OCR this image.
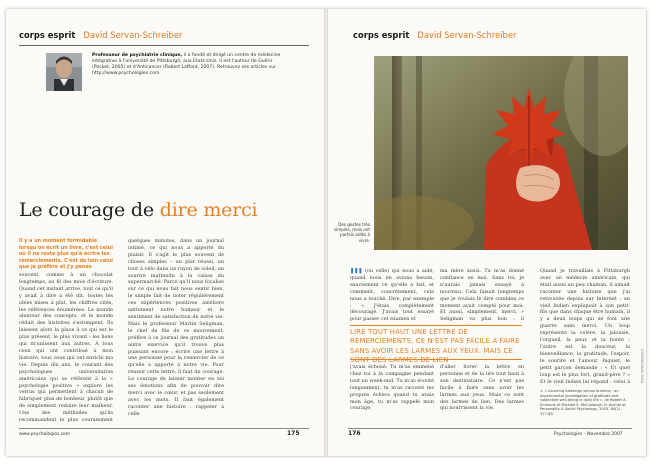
corps esprit David Servan-Schreiber
Professeur de psychiatrie clinique, il a fondé et dirigé un centre de médecine intégrative à l'université de Pittsburgh, aux Etats-Unis. Il est l'auteur de Guérir (Pocket, 2005) et d'Anticancer (Robert Laffont, 2007). Retrouvez ses articles sur http://www.psychologies.com
Le courage de dire merci
Il y a un moment formidable lorsqu'on écrit un livre, c'est celui où il ne reste plus qu'à écrire les remerciements. C'est de loin celui que je préfère et j'y pense

souvent, comme à un chocolat longtemps, au fil des mois d'écriture. Quand cet instant arrive, tout ce qu'il y avait à dire a été dit, toutes les idées mises à plat, les chiffres cités, les références énumérées. Le monde alentour des concepts, et le monde réduit des histoires s'estompent. Ils laissent alors la place à ce qui est le plus présent, le plus vivant : les liens qui m'unissent aux autres. A tous ceux qui ont contribué à mon histoire, tous ceux qui ont enrichi ma vie. Depuis dix ans, le courant des psychologues universitaires américains qui se réfèrent à la « psychologie positive » explore les vertus qui permettent à chacun de fabriquer plus de bonheur, plutôt que de simplement réduire leur malheur. Une des méthodes qu'ils recommandent le plus couramment

quelques minutes, dans un journal intime, ce qui nous a apporté du plaisir. Il s'agit le plus souvent de choses simples – un plat réussi, un tour à vélo dans un rayon de soleil, un sourire inattendu à la caisse du supermarché. Parce qu'il nous focalise sur ce qui nous fait nous sentir bien, le simple fait de noter régulièrement ces expériences positives améliore nettement notre humeur et le sentiment de satisfaction de notre vie. Mais le professeur Martin Seligman, le chef de file de ce mouvement, préfère à ce journal des gratitudes un autre exercice qu'il trouve plus puissant encore : écrire une lettre à une personne pour la remercier de ce qu'elle a apporté à notre vie. Pour réussir cette lettre, il faut du courage. Le courage de laisser monter en soi ses émotions afin de pouvoir dire merci avec le cœur, et pas seulement avec les mots. Il faut également raconter une histoire : rappeler à celle

www.psychologies.com	175
corps esprit David Servan-Schreiber
Des gestes très simples, mais ont parfois aidés à vivre.

❚❚❚ (ou celle) qui nous a aidé, quand nous en avions besoin, exactement ce qu'elle a fait, et comment, concrètement, cela nous a touché. Dire, par exemple : « J'étais complètement découragé. J'avais tout essayé pour passer cet examen et

ma mère aussi. Tu m'as donné confiance en moi. Sans toi, je n'aurais jamais essayé à nouveau. Cela faisait longtemps que je voulais te dire combien ce moment avait compté pour moi. Et aussi, simplement, merci. » Seligman va plus loin : il

LIRE TOUT HAUT UNE LETTRE DE REMERCIEMENTS, CE N'EST PAS FACILE À FAIRE SANS AVOIR LES LARMES AUX YEUX. MAIS CE

j'avais échoué. Tu m'as emmené chez toi à la campagne pendant tout un week-end. Tu m'as écouté longuement, tu m'as raconté tes propres échecs quand tu avais mon âge, tu m'as rappelé mon courage,

d'aller livrer la lettre en personne et de la lire tout haut à son destinataire. Ce n'est pas facile à faire sans avoir les larmes aux yeux. Mais ce sont des larmes de lien. Des larmes qui nourrissent la vie.

Quand je travaillais à Pittsburgh avec un médecin américain, qui était aussi un peu chaman, il aimait raconter une histoire que j'ai retrouvée depuis sur Internet : un vieil Indien expliquait à son petit-fils que dans chaque être humain, il y a deux loups qui se font une guerre sans merci. Un loup représente la colère, la jalousie, l'orgueil, la peur, et la honte ; l'autre est la douceur, la bienveillance, la gratitude, l'espoir, le sourire et l'amour. Inquiet, le petit garçon demande : « Et quel loup est le plus fort, grand-père ? » Et le vieil Indien lui répond : celui à

1. « Counting blessings versus burdens : an experimental investigation of gratitude and subjective well-being in daily life », de Robert A. Emmons et Michael E. McCullough, in Journal of Personality & Social Psychology, 2003, 84(2) : 377-89.
CORBIS/DAVID RIGG
176	Psychologies – Novembre 2007
